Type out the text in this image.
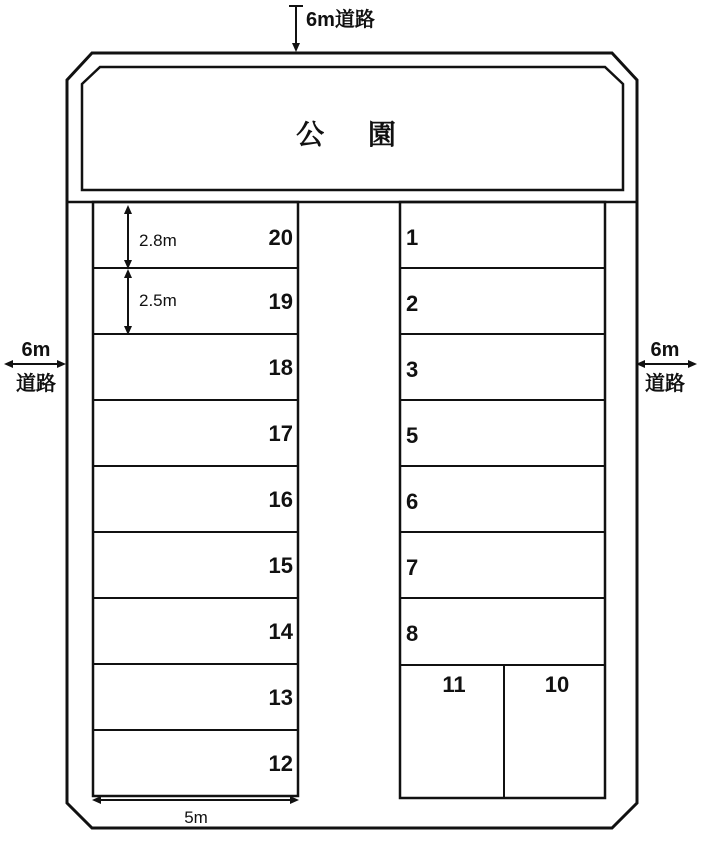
公 園
6m道路
6m
道路
6m
道路
20
19
18
17
16
15
14
13
12
2.8m
2.5m
5m
1
2
3
5
6
7
8
11	10
